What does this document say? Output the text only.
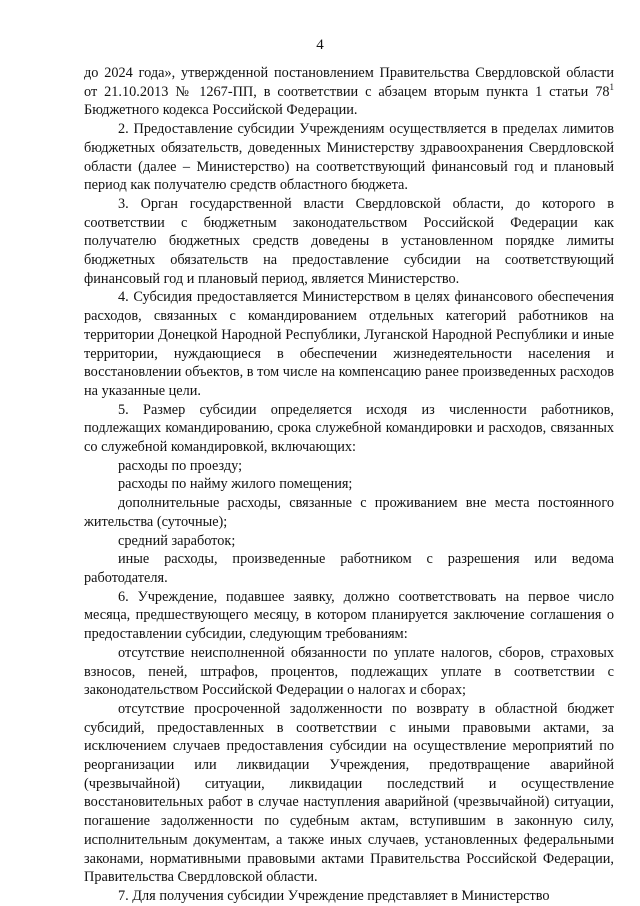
4

до 2024 года», утвержденной постановлением Правительства Свердловской области от 21.10.2013 № 1267-ПП, в соответствии с абзацем вторым пункта 1 статьи $78^1$ Бюджетного кодекса Российской Федерации.

2. Предоставление субсидии Учреждениям осуществляется в пределах лимитов бюджетных обязательств, доведенных Министерству здравоохранения Свердловской области (далее – Министерство) на соответствующий финансовый год и плановый период как получателю средств областного бюджета.

3. Орган государственной власти Свердловской области, до которого в соответствии с бюджетным законодательством Российской Федерации как получателю бюджетных средств доведены в установленном порядке лимиты бюджетных обязательств на предоставление субсидии на соответствующий финансовый год и плановый период, является Министерство.

4. Субсидия предоставляется Министерством в целях финансового обеспечения расходов, связанных с командированием отдельных категорий работников на территории Донецкой Народной Республики, Луганской Народной Республики и иные территории, нуждающиеся в обеспечении жизнедеятельности населения и восстановлении объектов, в том числе на компенсацию ранее произведенных расходов на указанные цели.

5. Размер субсидии определяется исходя из численности работников, подлежащих командированию, срока служебной командировки и расходов, связанных со служебной командировкой, включающих:

расходы по проезду;

расходы по найму жилого помещения;

дополнительные расходы, связанные с проживанием вне места постоянного жительства (суточные);

средний заработок;

иные расходы, произведенные работником с разрешения или ведома работодателя.

6. Учреждение, подавшее заявку, должно соответствовать на первое число месяца, предшествующего месяцу, в котором планируется заключение соглашения о предоставлении субсидии, следующим требованиям:

отсутствие неисполненной обязанности по уплате налогов, сборов, страховых взносов, пеней, штрафов, процентов, подлежащих уплате в соответствии с законодательством Российской Федерации о налогах и сборах;

отсутствие просроченной задолженности по возврату в областной бюджет субсидий, предоставленных в соответствии с иными правовыми актами, за исключением случаев предоставления субсидии на осуществление мероприятий по реорганизации или ликвидации Учреждения, предотвращение аварийной (чрезвычайной) ситуации, ликвидации последствий и осуществление восстановительных работ в случае наступления аварийной (чрезвычайной) ситуации, погашение задолженности по судебным актам, вступившим в законную силу, исполнительным документам, а также иных случаев, установленных федеральными законами, нормативными правовыми актами Правительства Российской Федерации, Правительства Свердловской области.

7. Для получения субсидии Учреждение представляет в Министерство
